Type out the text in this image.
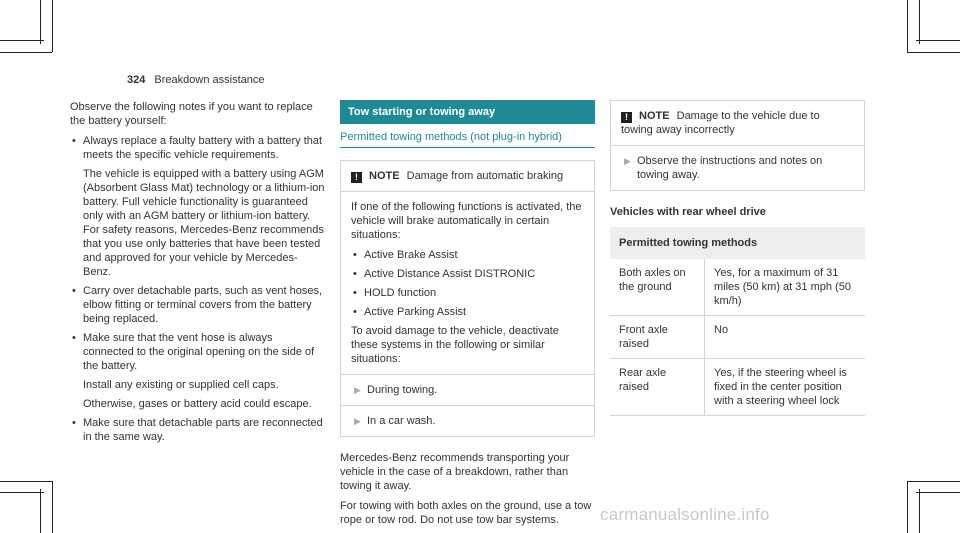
324 Breakdown assistance

Observe the following notes if you want to replace the battery yourself:

• Always replace a faulty battery with a battery that meets the specific vehicle requirements.
The vehicle is equipped with a battery using AGM (Absorbent Glass Mat) technology or a lithium-ion battery. Full vehicle functionality is guaranteed only with an AGM battery or lithium-ion battery. For safety reasons, Mercedes-Benz recommends that you use only batteries that have been tested and approved for your vehicle by Mercedes-Benz.
• Carry over detachable parts, such as vent hoses, elbow fitting or terminal covers from the battery being replaced.
• Make sure that the vent hose is always connected to the original opening on the side of the battery.
Install any existing or supplied cell caps.
Otherwise, gases or battery acid could escape.
• Make sure that detachable parts are reconnected in the same way.
Tow starting or towing away
Permitted towing methods (not plug-in hybrid)
! NOTE Damage from automatic braking

If one of the following functions is activated, the vehicle will brake automatically in certain situations:

• Active Brake Assist
• Active Distance Assist DISTRONIC
• HOLD function
• Active Parking Assist

To avoid damage to the vehicle, deactivate these systems in the following or similar situations:

▶ During towing.
▶ In a car wash.

Mercedes-Benz recommends transporting your vehicle in the case of a breakdown, rather than towing it away.

For towing with both axles on the ground, use a tow rope or tow rod. Do not use tow bar systems.

! NOTE Damage to the vehicle due to towing away incorrectly
▶ Observe the instructions and notes on towing away.
Vehicles with rear wheel drive
Permitted towing methods	
Both axles on the ground	Yes, for a maximum of 31 miles (50 km) at 31 mph (50 km/h)
Front axle raised	No
Rear axle raised	Yes, if the steering wheel is fixed in the center position with a steering wheel lock
carmanualsonline.info
